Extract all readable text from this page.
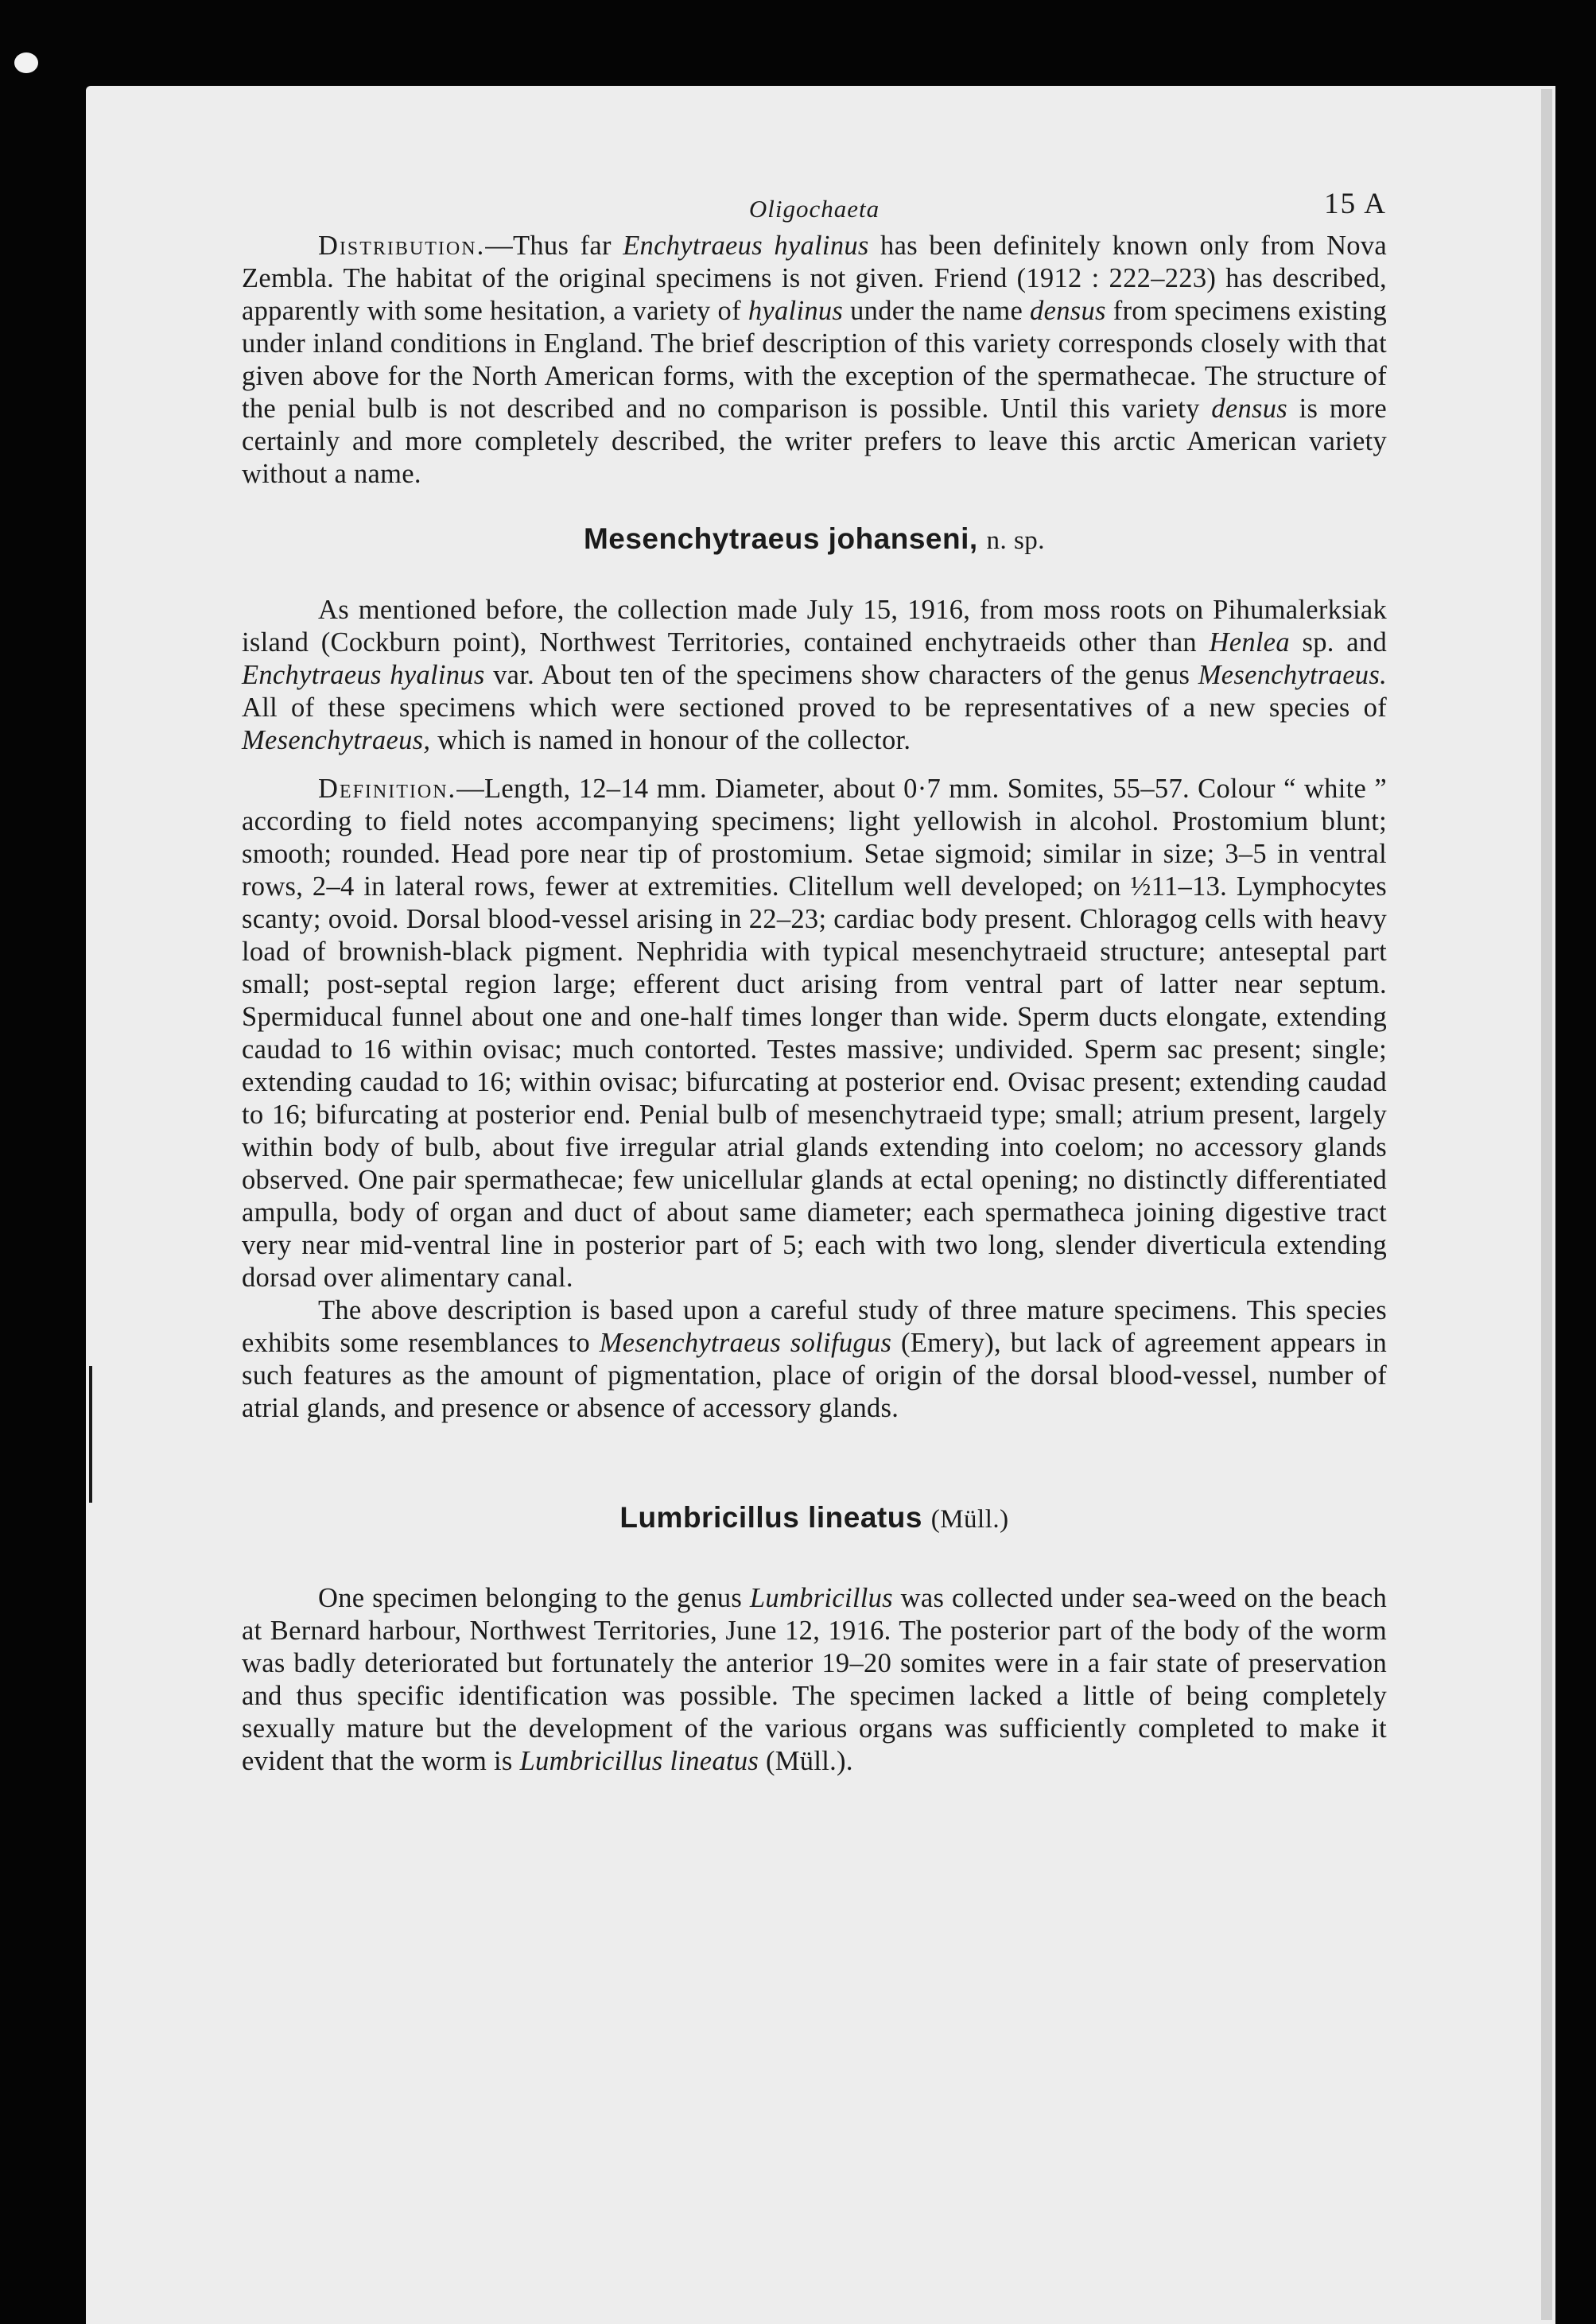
Oligochaeta	15 A

Distribution.—Thus far Enchytraeus hyalinus has been definitely known only from Nova Zembla. The habitat of the original specimens is not given. Friend (1912 : 222–223) has described, apparently with some hesitation, a variety of hyalinus under the name densus from specimens existing under inland conditions in England. The brief description of this variety corresponds closely with that given above for the North American forms, with the exception of the spermathecae. The structure of the penial bulb is not described and no comparison is possible. Until this variety densus is more certainly and more completely described, the writer prefers to leave this arctic American variety without a name.

Mesenchytraeus johanseni, n. sp.

As mentioned before, the collection made July 15, 1916, from moss roots on Pihumalerksiak island (Cockburn point), Northwest Territories, contained enchytraeids other than Henlea sp. and Enchytraeus hyalinus var. About ten of the specimens show characters of the genus Mesenchytraeus. All of these specimens which were sectioned proved to be representatives of a new species of Mesenchytraeus, which is named in honour of the collector.

Definition.—Length, 12–14 mm. Diameter, about 0·7 mm. Somites, 55–57. Colour “ white ” according to field notes accompanying specimens; light yellowish in alcohol. Prostomium blunt; smooth; rounded. Head pore near tip of prostomium. Setae sigmoid; similar in size; 3–5 in ventral rows, 2–4 in lateral rows, fewer at extremities. Clitellum well developed; on ½11–13. Lymphocytes scanty; ovoid. Dorsal blood-vessel arising in 22–23; cardiac body present. Chloragog cells with heavy load of brownish-black pigment. Nephridia with typical mesenchytraeid structure; anteseptal part small; post-septal region large; efferent duct arising from ventral part of latter near septum. Spermiducal funnel about one and one-half times longer than wide. Sperm ducts elongate, extending caudad to 16 within ovisac; much contorted. Testes massive; undivided. Sperm sac present; single; extending caudad to 16; within ovisac; bifurcating at posterior end. Ovisac present; extending caudad to 16; bifurcating at posterior end. Penial bulb of mesenchytraeid type; small; atrium present, largely within body of bulb, about five irregular atrial glands extending into coelom; no accessory glands observed. One pair spermathecae; few unicellular glands at ectal opening; no distinctly differentiated ampulla, body of organ and duct of about same diameter; each spermatheca joining digestive tract very near mid-ventral line in posterior part of 5; each with two long, slender diverticula extending dorsad over alimentary canal.

The above description is based upon a careful study of three mature specimens. This species exhibits some resemblances to Mesenchytraeus solifugus (Emery), but lack of agreement appears in such features as the amount of pigmentation, place of origin of the dorsal blood-vessel, number of atrial glands, and presence or absence of accessory glands.

Lumbricillus lineatus (Müll.)

One specimen belonging to the genus Lumbricillus was collected under sea-weed on the beach at Bernard harbour, Northwest Territories, June 12, 1916. The posterior part of the body of the worm was badly deteriorated but fortunately the anterior 19–20 somites were in a fair state of preservation and thus specific identification was possible. The specimen lacked a little of being completely sexually mature but the development of the various organs was sufficiently completed to make it evident that the worm is Lumbricillus lineatus (Müll.).
